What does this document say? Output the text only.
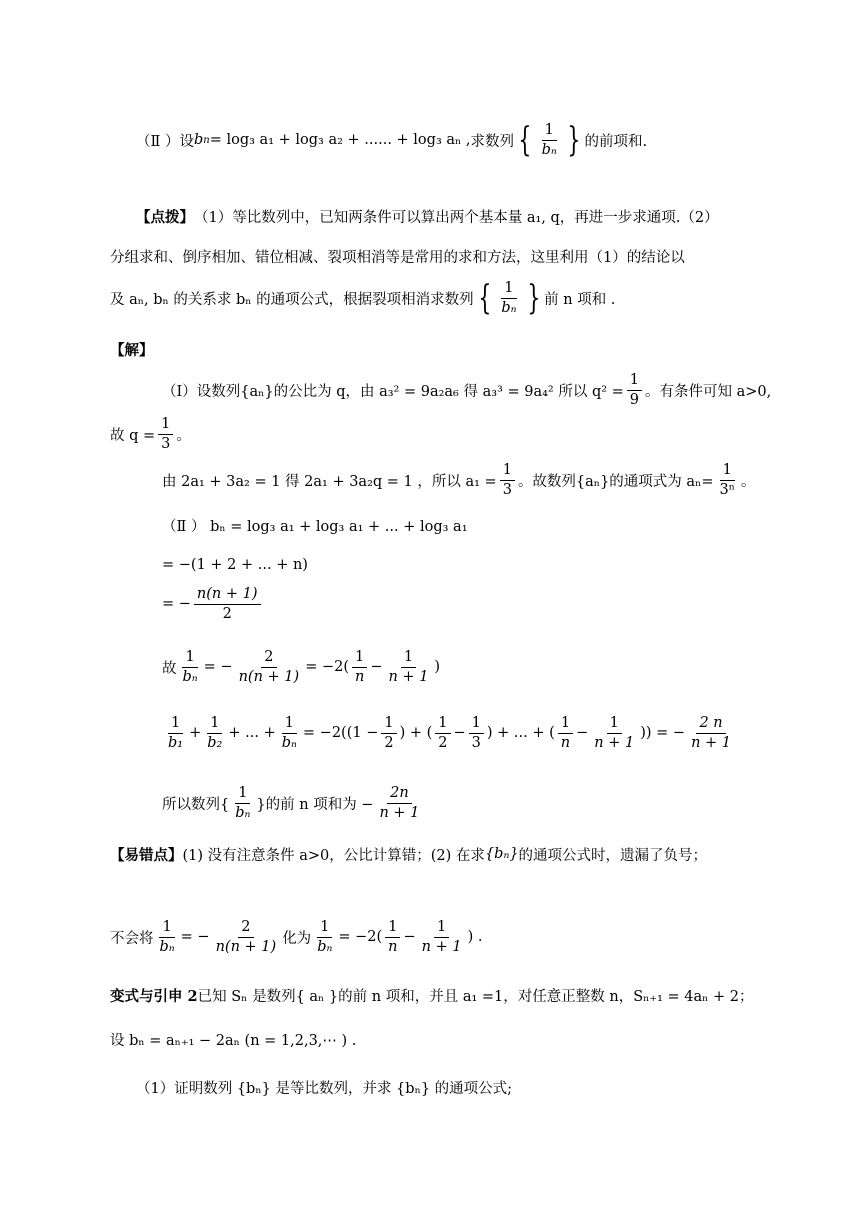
（Ⅱ ）设 b n = log₃ a₁ + log₃ a₂ + ...... + log₃ aₙ , 求数列 { $\frac{1}{\text{bₙ}}$ } 的前项和.
【点拨】 （1）等比数列中，已知两条件可以算出两个基本量 a₁, q，再进一步求通项.（2）
分组求和、倒序相加、错位相减、裂项相消等是常用的求和方法，这里利用（1）的结论以
及 aₙ, bₙ 的关系求 bₙ 的通项公式，根据裂项相消求数列 { $\frac{1}{\text{bₙ}}$ } 前 n 项和 .
【解】
（Ⅰ）设数列{aₙ}的公比为 q，由 a₃² = 9a₂a₆ 得 a₃³ = 9a₄² 所以 $q^2 = \frac{1}{9}$ 。有条件可知 a>0,
故 $q = \frac{1}{3}$ 。
由 2a₁ + 3a₂ = 1 得 2a₁ + 3a₂q = 1 ，所以 $a_1 = \frac{1}{3}$ 。故数列{aₙ}的通项式为 $a_n= \frac{1}{\text{3ⁿ}}$ 。
（Ⅱ ） bₙ = log₃ a₁ + log₃ a₁ + ... + log₃ a₁
= −(1 + 2 + ... + n)
= − $\frac{n(n + 1)}{2}$
故 $\frac{1}{\text{bₙ}}$ = − $\frac{2}{n(n + 1)} = -2( \frac{1}{n} - \frac{1}{n + 1}$ )
$\frac{1}{\text{b₁}} + \frac{1}{\text{b₂}}$ + ... + $\frac{1}{\text{bₙ}} = -2((1 - \frac{1}{2}$ ) + ( $\frac{1}{2} - \frac{1}{3}$ ) + ... + ( $\frac{1}{n} - \frac{1}{n + 1}$ )) = − $\frac{2 n}{n + 1}$
所以数列{ $\frac{1}{\text{bₙ}}$ }的前 n 项和为 − $\frac{2n}{n + 1}$
【易错点】 (1) 没有注意条件 a>0，公比计算错；(2) 在求 {bₙ} 的通项公式时，遗漏了负号；
不会将 $\frac{1}{\text{bₙ}}$ = − $\frac{2}{n(n + 1)}$ 化为 $\frac{1}{\text{bₙ}} = -2( \frac{1}{n} - \frac{1}{n + 1}$ ) .
变式与引申 2 已知 Sₙ 是数列{ aₙ }的前 n 项和，并且 a₁ =1，对任意正整数 n，Sₙ₊₁ = 4aₙ + 2；
设 bₙ = aₙ₊₁ − 2aₙ (n = 1,2,3,⋯ ) .
（1）证明数列 {bₙ} 是等比数列，并求 {bₙ} 的通项公式;
